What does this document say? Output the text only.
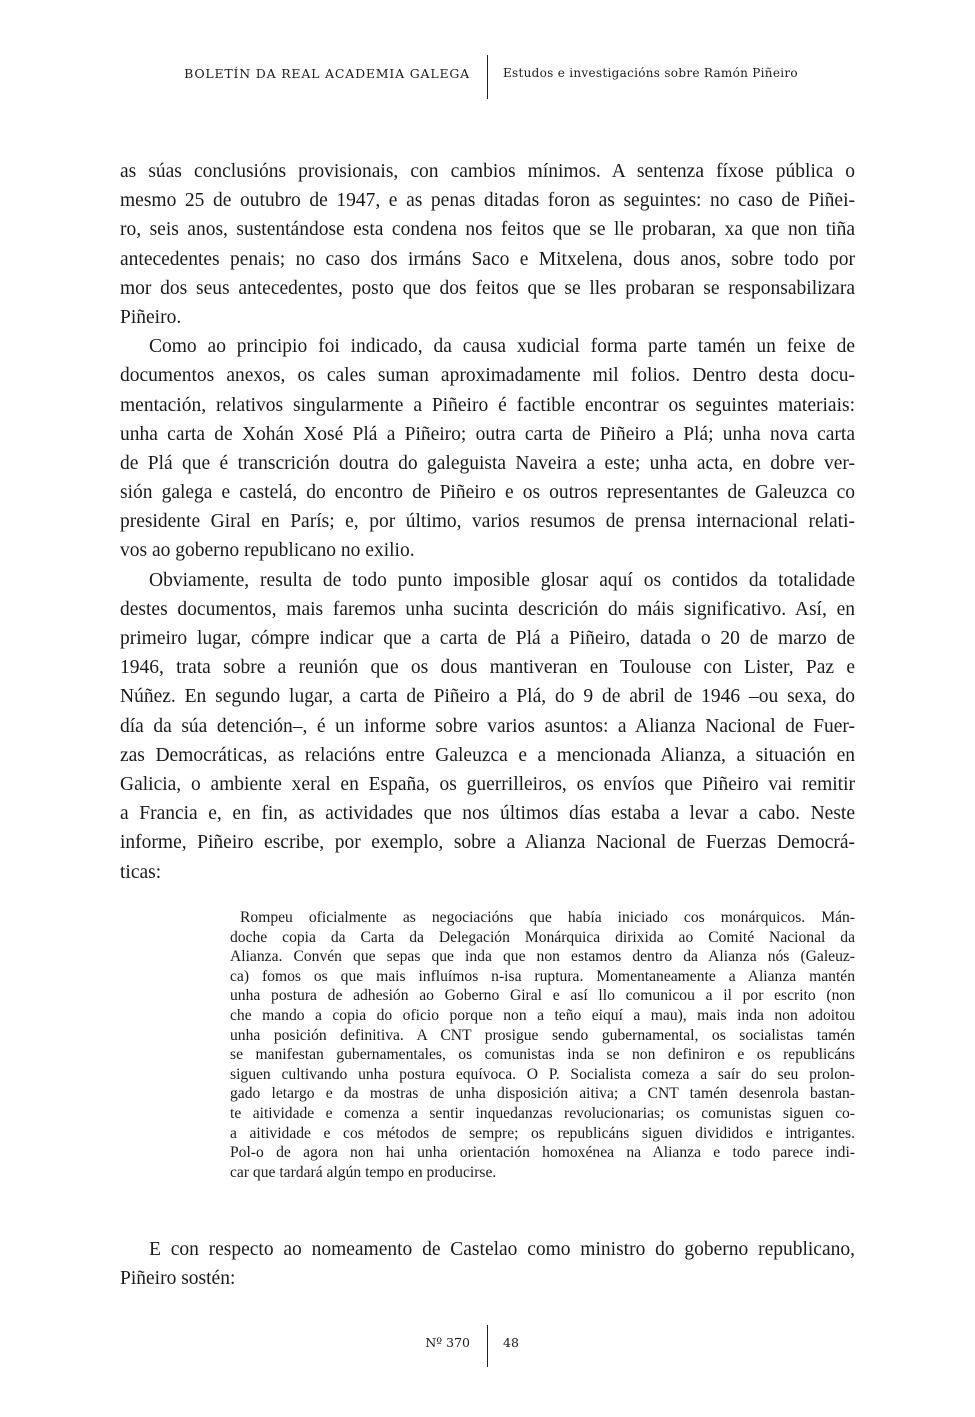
BOLETÍN DA REAL ACADEMIA GALEGA	Estudos e investigacións sobre Ramón Piñeiro
as súas conclusións provisionais, con cambios mínimos. A sentenza fíxose pública o
mesmo 25 de outubro de 1947, e as penas ditadas foron as seguintes: no caso de Piñei-
ro, seis anos, sustentándose esta condena nos feitos que se lle probaran, xa que non tiña
antecedentes penais; no caso dos irmáns Saco e Mitxelena, dous anos, sobre todo por
mor dos seus antecedentes, posto que dos feitos que se lles probaran se responsabilizara
Piñeiro.
Como ao principio foi indicado, da causa xudicial forma parte tamén un feixe de
documentos anexos, os cales suman aproximadamente mil folios. Dentro desta docu-
mentación, relativos singularmente a Piñeiro é factible encontrar os seguintes materiais:
unha carta de Xohán Xosé Plá a Piñeiro; outra carta de Piñeiro a Plá; unha nova carta
de Plá que é transcrición doutra do galeguista Naveira a este; unha acta, en dobre ver-
sión galega e castelá, do encontro de Piñeiro e os outros representantes de Galeuzca co
presidente Giral en París; e, por último, varios resumos de prensa internacional relati-
vos ao goberno republicano no exilio.
Obviamente, resulta de todo punto imposible glosar aquí os contidos da totalidade
destes documentos, mais faremos unha sucinta descrición do máis significativo. Así, en
primeiro lugar, cómpre indicar que a carta de Plá a Piñeiro, datada o 20 de marzo de
1946, trata sobre a reunión que os dous mantiveran en Toulouse con Lister, Paz e
Núñez. En segundo lugar, a carta de Piñeiro a Plá, do 9 de abril de 1946 –ou sexa, do
día da súa detención–, é un informe sobre varios asuntos: a Alianza Nacional de Fuer-
zas Democráticas, as relacións entre Galeuzca e a mencionada Alianza, a situación en
Galicia, o ambiente xeral en España, os guerrilleiros, os envíos que Piñeiro vai remitir
a Francia e, en fin, as actividades que nos últimos días estaba a levar a cabo. Neste
informe, Piñeiro escribe, por exemplo, sobre a Alianza Nacional de Fuerzas Democrá-
ticas:
Rompeu oficialmente as negociacións que había iniciado cos monárquicos. Mán-
doche copia da Carta da Delegación Monárquica dirixida ao Comité Nacional da
Alianza. Convén que sepas que inda que non estamos dentro da Alianza nós (Galeuz-
ca) fomos os que mais influímos n-isa ruptura. Momentaneamente a Alianza mantén
unha postura de adhesión ao Goberno Giral e así llo comunicou a il por escrito (non
che mando a copia do oficio porque non a teño eiquí a mau), mais inda non adoitou
unha posición definitiva. A CNT prosigue sendo gubernamental, os socialistas tamén
se manifestan gubernamentales, os comunistas inda se non definiron e os republicáns
siguen cultivando unha postura equívoca. O P. Socialista comeza a saír do seu prolon-
gado letargo e da mostras de unha disposición aitiva; a CNT tamén desenrola bastan-
te aitividade e comenza a sentir inquedanzas revolucionarias; os comunistas siguen co-
a aitividade e cos métodos de sempre; os republicáns siguen divididos e intrigantes.
Pol-o de agora non hai unha orientación homoxénea na Alianza e todo parece indi-
car que tardará algún tempo en producirse.
E con respecto ao nomeamento de Castelao como ministro do goberno republicano,
Piñeiro sostén:
Nº 370	48
